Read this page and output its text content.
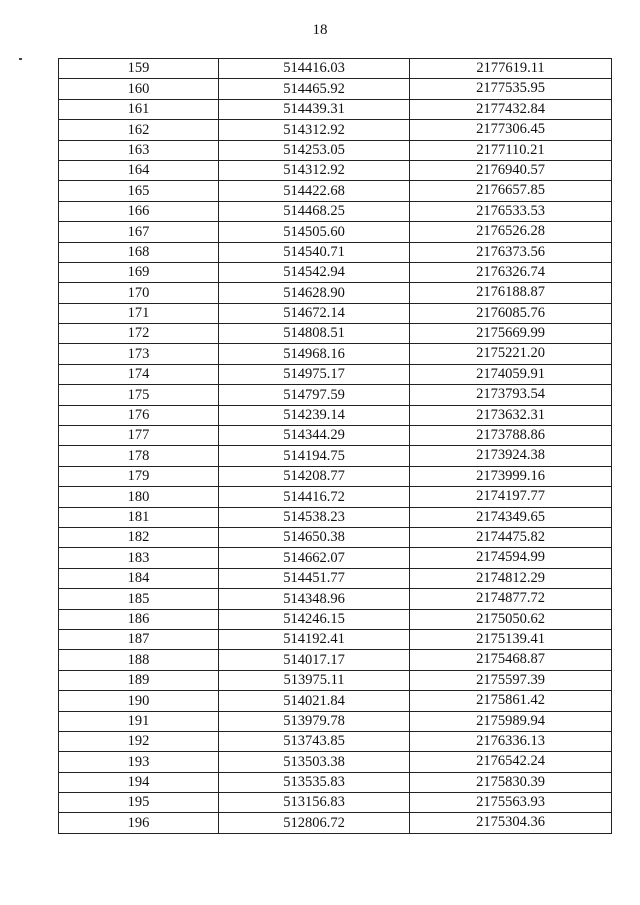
18
159	514416.03	2177619.11
160	514465.92	2177535.95
161	514439.31	2177432.84
162	514312.92	2177306.45
163	514253.05	2177110.21
164	514312.92	2176940.57
165	514422.68	2176657.85
166	514468.25	2176533.53
167	514505.60	2176526.28
168	514540.71	2176373.56
169	514542.94	2176326.74
170	514628.90	2176188.87
171	514672.14	2176085.76
172	514808.51	2175669.99
173	514968.16	2175221.20
174	514975.17	2174059.91
175	514797.59	2173793.54
176	514239.14	2173632.31
177	514344.29	2173788.86
178	514194.75	2173924.38
179	514208.77	2173999.16
180	514416.72	2174197.77
181	514538.23	2174349.65
182	514650.38	2174475.82
183	514662.07	2174594.99
184	514451.77	2174812.29
185	514348.96	2174877.72
186	514246.15	2175050.62
187	514192.41	2175139.41
188	514017.17	2175468.87
189	513975.11	2175597.39
190	514021.84	2175861.42
191	513979.78	2175989.94
192	513743.85	2176336.13
193	513503.38	2176542.24
194	513535.83	2175830.39
195	513156.83	2175563.93
196	512806.72	2175304.36
